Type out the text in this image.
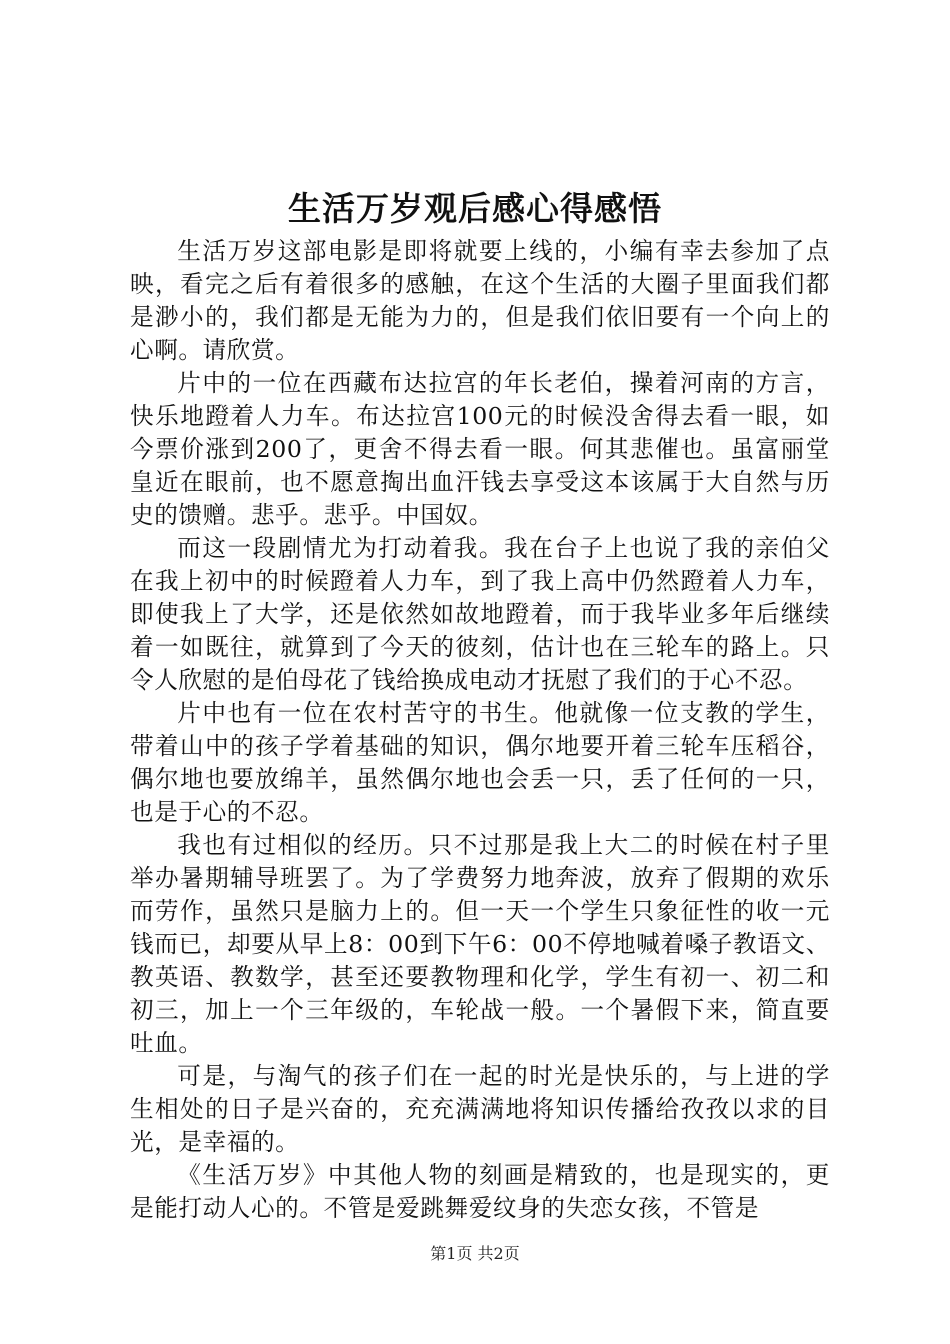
生活万岁观后感心得感悟

生活万岁这部电影是即将就要上线的，小编有幸去参加了点映，看完之后有着很多的感触，在这个生活的大圈子里面我们都是渺小的，我们都是无能为力的，但是我们依旧要有一个向上的心啊。请欣赏。

片中的一位在西藏布达拉宫的年长老伯，操着河南的方言，快乐地蹬着人力车。布达拉宫100元的时候没舍得去看一眼，如今票价涨到200了，更舍不得去看一眼。何其悲催也。虽富丽堂皇近在眼前，也不愿意掏出血汗钱去享受这本该属于大自然与历史的馈赠。悲乎。悲乎。中国奴。

而这一段剧情尤为打动着我。我在台子上也说了我的亲伯父在我上初中的时候蹬着人力车，到了我上高中仍然蹬着人力车，即使我上了大学，还是依然如故地蹬着，而于我毕业多年后继续着一如既往，就算到了今天的彼刻，估计也在三轮车的路上。只令人欣慰的是伯母花了钱给换成电动才抚慰了我们的于心不忍。

片中也有一位在农村苦守的书生。他就像一位支教的学生，带着山中的孩子学着基础的知识，偶尔地要开着三轮车压稻谷，偶尔地也要放绵羊，虽然偶尔地也会丢一只，丢了任何的一只，也是于心的不忍。

我也有过相似的经历。只不过那是我上大二的时候在村子里举办暑期辅导班罢了。为了学费努力地奔波，放弃了假期的欢乐而劳作，虽然只是脑力上的。但一天一个学生只象征性的收一元钱而已，却要从早上8：00到下午6：00不停地喊着嗓子教语文、教英语、教数学，甚至还要教物理和化学，学生有初一、初二和初三，加上一个三年级的，车轮战一般。一个暑假下来，简直要吐血。

可是，与淘气的孩子们在一起的时光是快乐的，与上进的学生相处的日子是兴奋的，充充满满地将知识传播给孜孜以求的目光，是幸福的。

《生活万岁》中其他人物的刻画是精致的，也是现实的，更是能打动人心的。不管是爱跳舞爱纹身的失恋女孩，不管是

第1页 共2页
